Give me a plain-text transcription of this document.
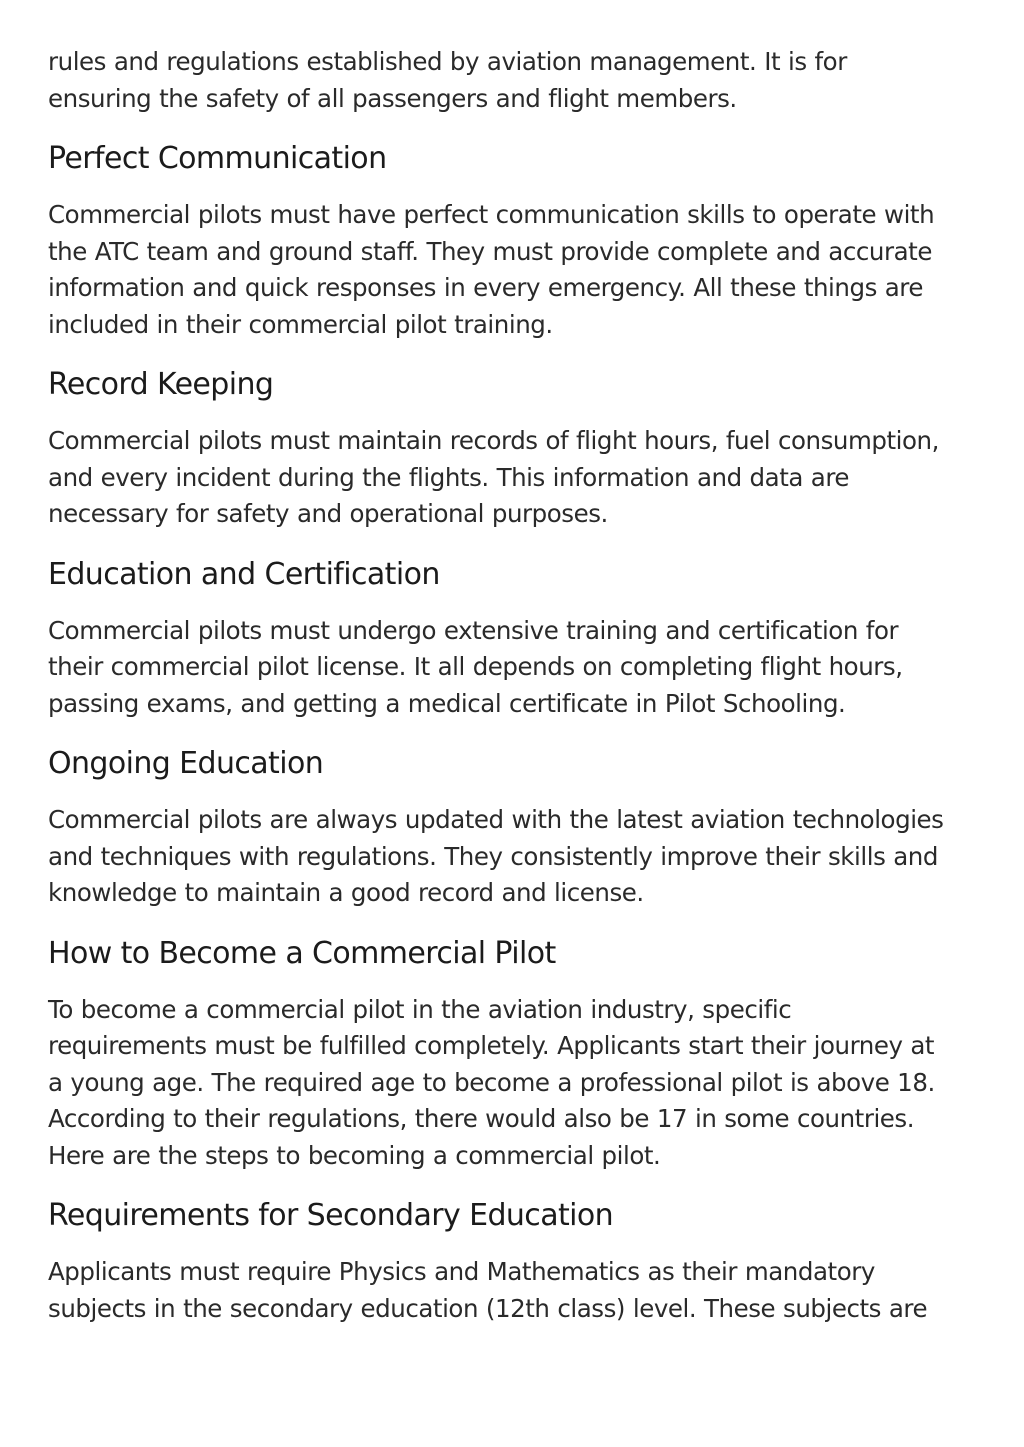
rules and regulations established by aviation management. It is for
ensuring the safety of all passengers and flight members.

Perfect Communication

Commercial pilots must have perfect communication skills to operate with
the ATC team and ground staff. They must provide complete and accurate
information and quick responses in every emergency. All these things are
included in their commercial pilot training.

Record Keeping

Commercial pilots must maintain records of flight hours, fuel consumption,
and every incident during the flights. This information and data are
necessary for safety and operational purposes.

Education and Certification

Commercial pilots must undergo extensive training and certification for
their commercial pilot license. It all depends on completing flight hours,
passing exams, and getting a medical certificate in Pilot Schooling.

Ongoing Education

Commercial pilots are always updated with the latest aviation technologies
and techniques with regulations. They consistently improve their skills and
knowledge to maintain a good record and license.

How to Become a Commercial Pilot

To become a commercial pilot in the aviation industry, specific
requirements must be fulfilled completely. Applicants start their journey at
a young age. The required age to become a professional pilot is above 18.
According to their regulations, there would also be 17 in some countries.
Here are the steps to becoming a commercial pilot.

Requirements for Secondary Education

Applicants must require Physics and Mathematics as their mandatory
subjects in the secondary education (12th class) level. These subjects are
